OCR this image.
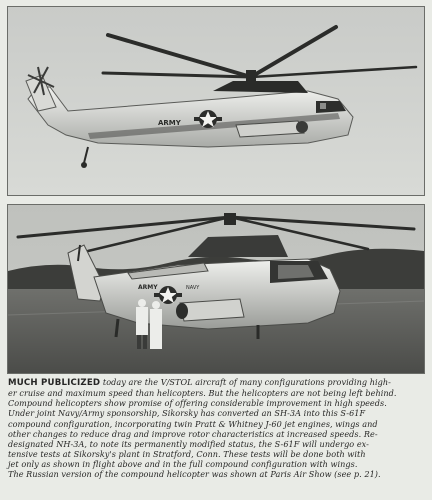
ARMY
ARMY	NAVY
MUCH PUBLICIZED today are the V/STOL aircraft of many configurations providing high-
er cruise and maximum speed than helicopters. But the helicopters are not being left behind.
Compound helicopters show promise of offering considerable improvement in high speeds.
Under joint Navy/Army sponsorship, Sikorsky has converted an SH-3A into this S-61F
compound configuration, incorporating twin Pratt & Whitney J-60 jet engines, wings and
other changes to reduce drag and improve rotor characteristics at increased speeds. Re-
designated NH-3A, to note its permanently modified status, the S-61F will undergo ex-
tensive tests at Sikorsky's plant in Stratford, Conn. These tests will be done both with
jet only as shown in flight above and in the full compound configuration with wings.
The Russian version of the compound helicopter was shown at Paris Air Show (see p. 21).
